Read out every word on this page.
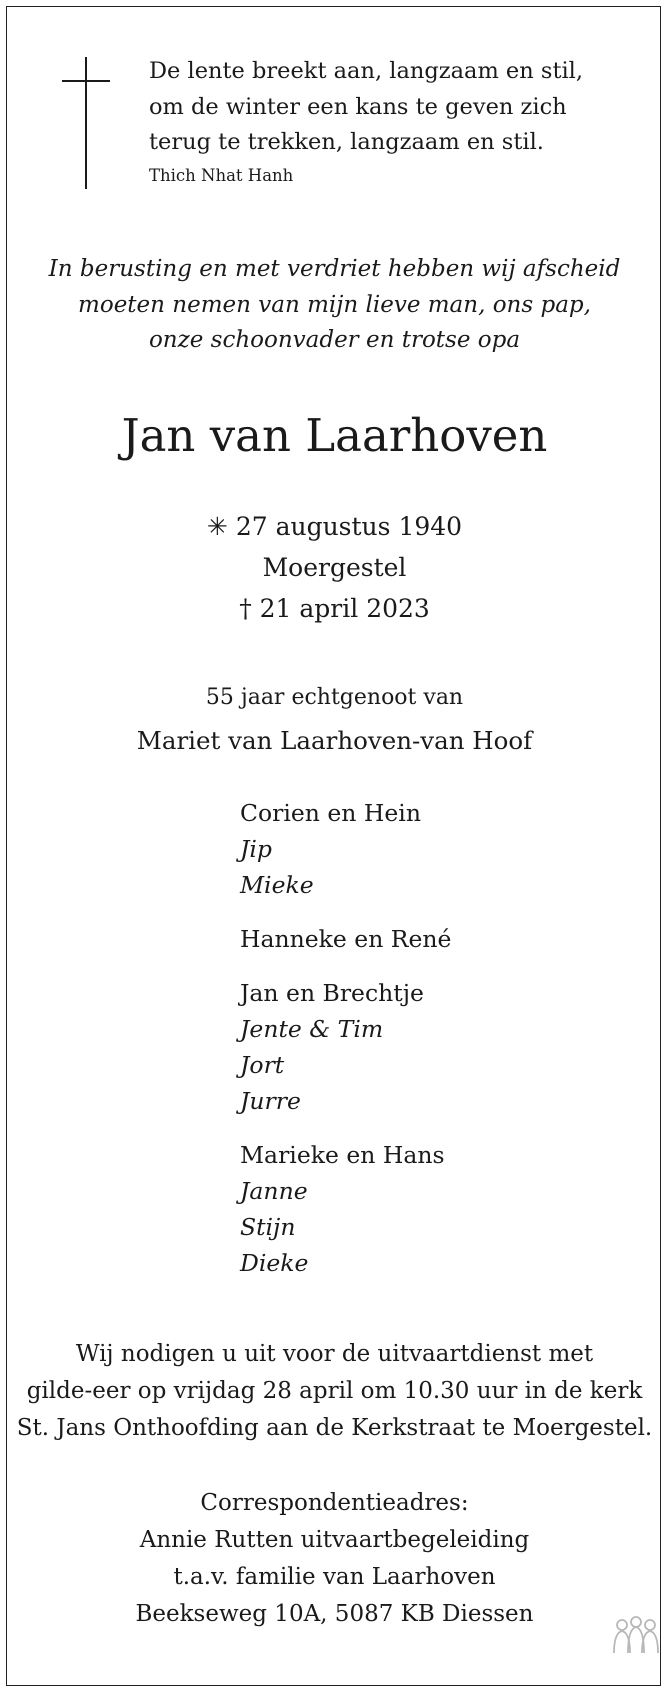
De lente breekt aan, langzaam en stil,
om de winter een kans te geven zich
terug te trekken, langzaam en stil.
Thich Nhat Hanh
In berusting en met verdriet hebben wij afscheid
moeten nemen van mijn lieve man, ons pap,
onze schoonvader en trotse opa
Jan van Laarhoven
✳ 27 augustus 1940
Moergestel
† 21 april 2023
55 jaar echtgenoot van
Mariet van Laarhoven-van Hoof
Corien en Hein
Jip
Mieke
Hanneke en René
Jan en Brechtje
Jente & Tim
Jort
Jurre
Marieke en Hans
Janne
Stijn
Dieke
Wij nodigen u uit voor de uitvaartdienst met
gilde-eer op vrijdag 28 april om 10.30 uur in de kerk
St. Jans Onthoofding aan de Kerkstraat te Moergestel.
Correspondentieadres:
Annie Rutten uitvaartbegeleiding
t.a.v. familie van Laarhoven
Beekseweg 10A, 5087 KB Diessen
